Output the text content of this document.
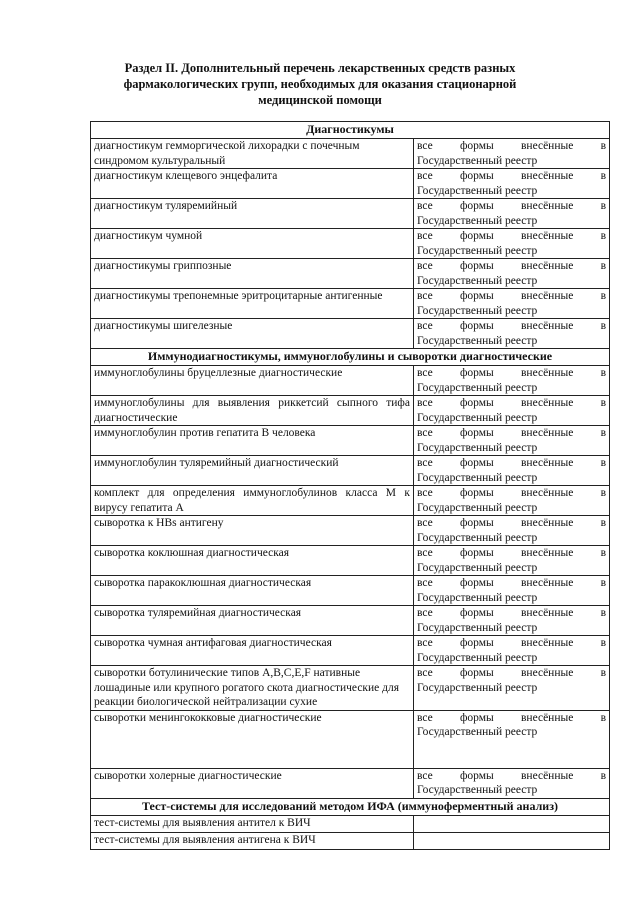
Раздел II. Дополнительный перечень лекарственных средств разных
фармакологических групп, необходимых для оказания стационарной
медицинской помощи
Диагностикумы	
диагностикум гемморгической лихорадки с почечным синдромом культуральный	все формы внесённые в
Государственный реестр

диагностикум клещевого энцефалита	все формы внесённые в
Государственный реестр

диагностикум туляремийный	все формы внесённые в
Государственный реестр

диагностикум чумной	все формы внесённые в
Государственный реестр

диагностикумы гриппозные	все формы внесённые в
Государственный реестр

диагностикумы трепонемные эритроцитарные антигенные	все формы внесённые в
Государственный реестр

диагностикумы шигелезные	все формы внесённые в
Государственный реестр

Иммунодиагностикумы, иммуноглобулины и сыворотки диагностические	
иммуноглобулины бруцеллезные диагностические	все формы внесённые в
Государственный реестр

иммуноглобулины для выявления риккетсий сыпного тифа диагностические	все формы внесённые в
Государственный реестр

иммуноглобулин против гепатита В человека	все формы внесённые в
Государственный реестр

иммуноглобулин туляремийный диагностический	все формы внесённые в
Государственный реестр

комплект для определения иммуноглобулинов класса М к вирусу гепатита А	все формы внесённые в
Государственный реестр

сыворотка к HBs антигену	все формы внесённые в
Государственный реестр

сыворотка коклюшная диагностическая	все формы внесённые в
Государственный реестр

сыворотка паракоклюшная диагностическая	все формы внесённые в
Государственный реестр

сыворотка туляремийная диагностическая	все формы внесённые в
Государственный реестр

сыворотка чумная антифаговая диагностическая	все формы внесённые в
Государственный реестр

сыворотки ботулинические типов А,В,С,Е,F нативные лошадиные или крупного рогатого скота диагностические для реакции биологической нейтрализации сухие	все формы внесённые в
Государственный реестр

сыворотки менингококковые диагностические	все формы внесённые в
Государственный реестр

сыворотки холерные диагностические	все формы внесённые в
Государственный реестр

Тест-системы для исследований методом ИФА (иммуноферментный анализ)	
тест-системы для выявления антител к ВИЧ	
тест-системы для выявления антигена к ВИЧ	
